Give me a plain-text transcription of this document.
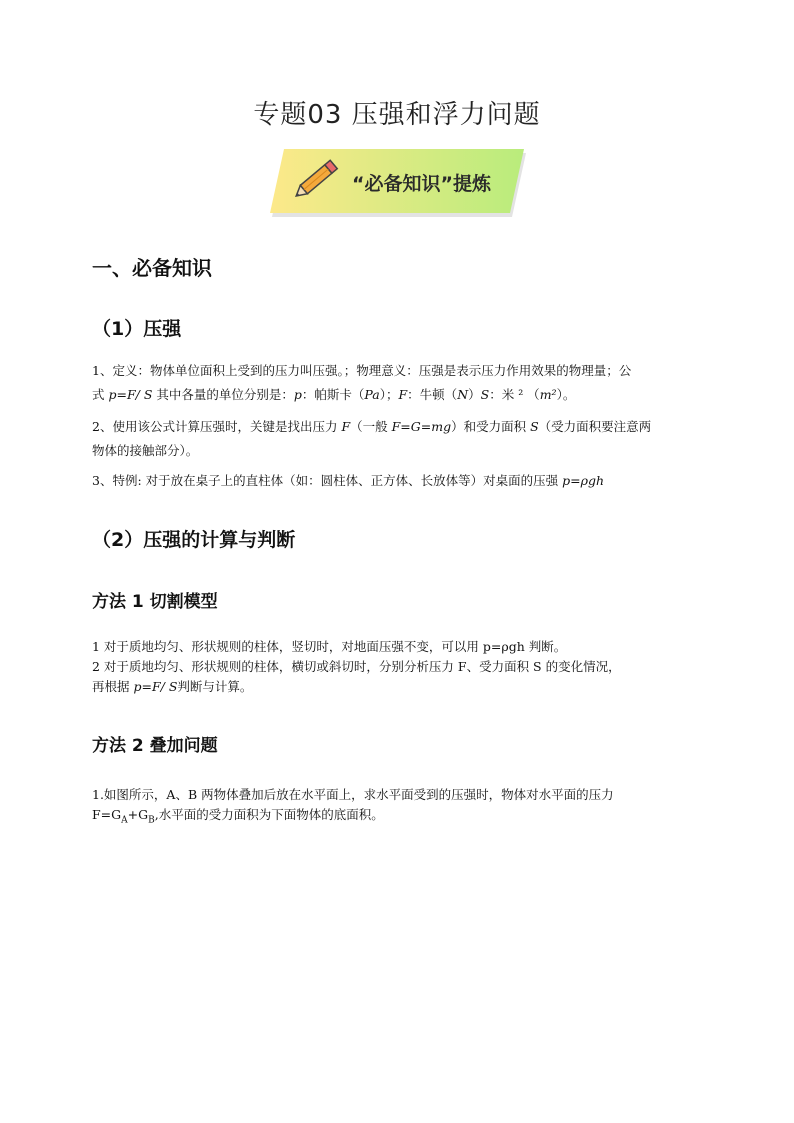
专题03 压强和浮力问题
“必备知识”提炼
一、必备知识
（1）压强

1、定义：物体单位面积上受到的压力叫压强。；物理意义：压强是表示压力作用效果的物理量；公
式 p=F/ S 其中各量的单位分别是：p：帕斯卡（Pa）；F：牛顿（N）S：米 ² （m²）。

2、使用该公式计算压强时，关键是找出压力 F（一般 F=G=mg）和受力面积 S（受力面积要注意两
物体的接触部分）。

3、特例: 对于放在桌子上的直柱体（如：圆柱体、正方体、长放体等）对桌面的压强 p=ρgh

（2）压强的计算与判断
方法 1 切割模型

1 对于质地均匀、形状规则的柱体，竖切时，对地面压强不变，可以用 p=ρgh 判断。
2 对于质地均匀、形状规则的柱体，横切或斜切时，分别分析压力 F、受力面积 S 的变化情况，
再根据 p=F/ S判断与计算。

方法 2 叠加问题

1.如图所示，A、B 两物体叠加后放在水平面上，求水平面受到的压强时，物体对水平面的压力
$F=G_A+G_B$,水平面的受力面积为下面物体的底面积。
